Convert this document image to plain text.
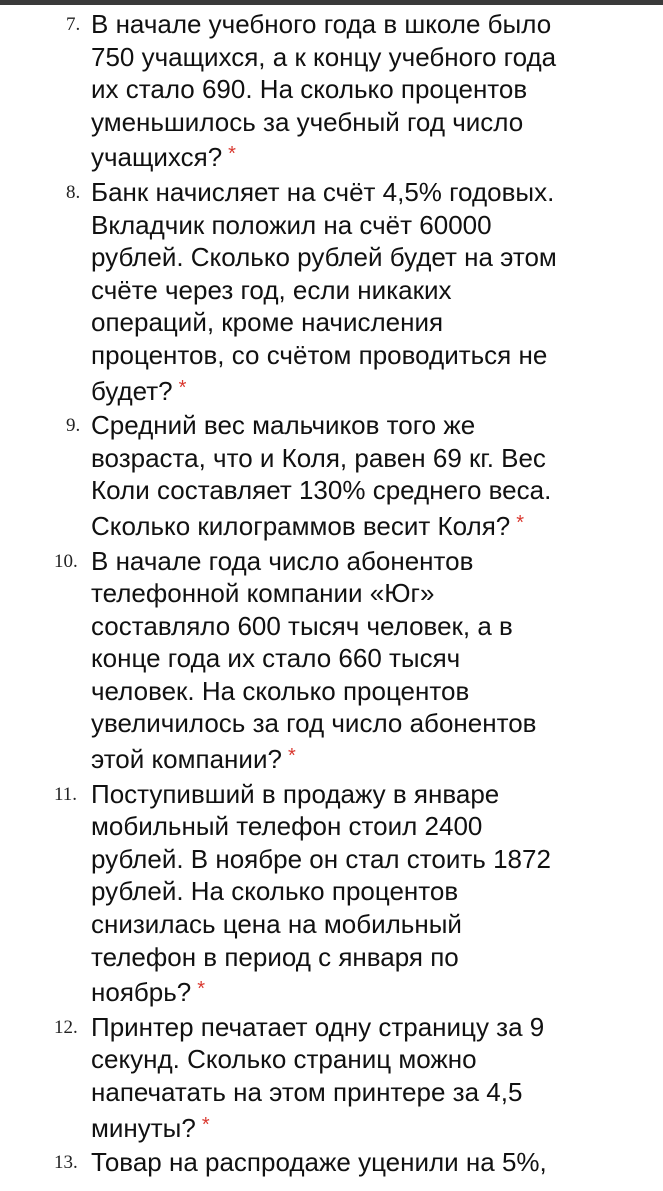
7. В начале учебного года в школе было
750 учащихся, а к концу учебного года
их стало 690. На сколько процентов
уменьшилось за учебный год число
учащихся? *
8. Банк начисляет на счёт 4,5% годовых.
Вкладчик положил на счёт 60000
рублей. Сколько рублей будет на этом
счёте через год, если никаких
операций, кроме начисления
процентов, со счётом проводиться не
будет? *
9. Средний вес мальчиков того же
возраста, что и Коля, равен 69 кг. Вес
Коли составляет 130% среднего веса.
Сколько килограммов весит Коля? *
10. В начале года число абонентов
телефонной компании «Юг»
составляло 600 тысяч человек, а в
конце года их стало 660 тысяч
человек. На сколько процентов
увеличилось за год число абонентов
этой компании? *
11. Поступивший в продажу в январе
мобильный телефон стоил 2400
рублей. В ноябре он стал стоить 1872
рублей. На сколько процентов
снизилась цена на мобильный
телефон в период с января по
ноябрь? *
12. Принтер печатает одну страницу за 9
секунд. Сколько страниц можно
напечатать на этом принтере за 4,5
минуты? *
13. Товар на распродаже уценили на 5%,
